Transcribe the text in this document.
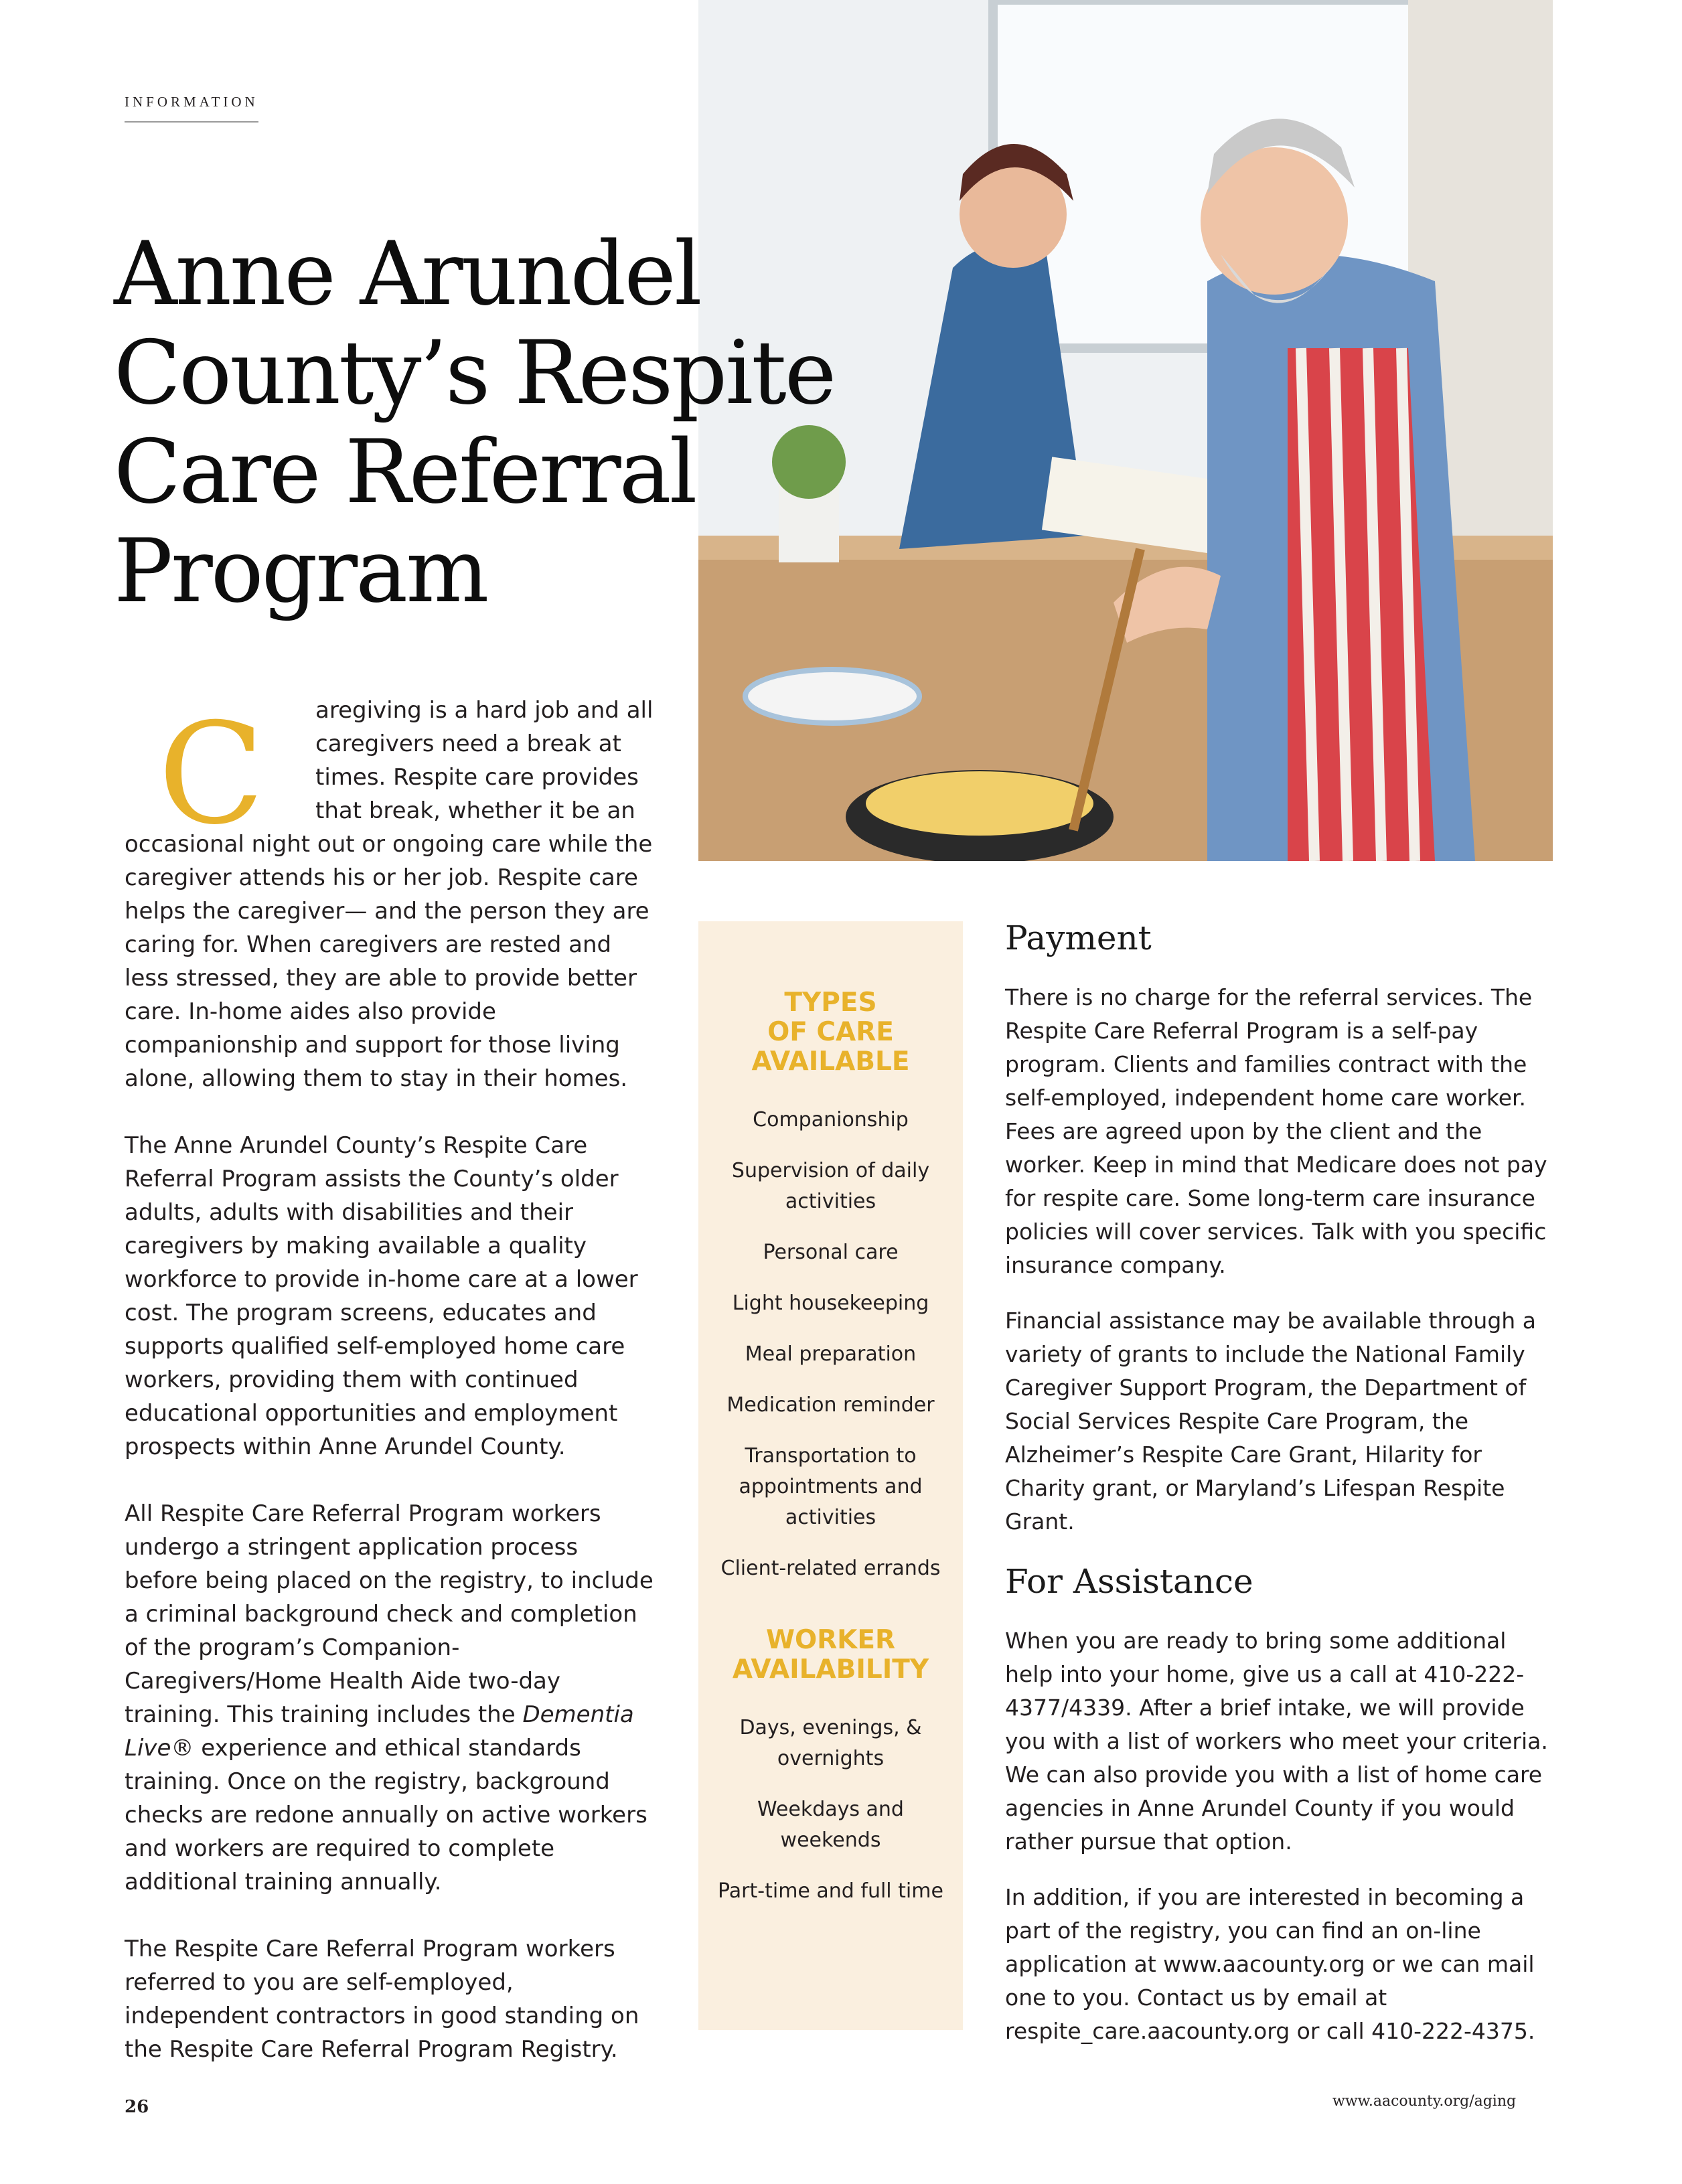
INFORMATION
Anne Arundel County’s Respite Care Referral Program
C	aregiving is a hard job and all caregivers need a break at times. Respite care provides that break, whether it be an occasional night out or ongoing care while the caregiver attends his or her job. Respite care helps the caregiver— and the person they are caring for. When caregivers are rested and less stressed, they are able to provide better care. In-home aides also provide companionship and support for those living alone, allowing them to stay in their homes.

The Anne Arundel County’s Respite Care Referral Program assists the County’s older adults, adults with disabilities and their caregivers by making available a quality workforce to provide in-home care at a lower cost. The program screens, educates and supports qualified self-employed home care workers, providing them with continued educational opportunities and employment prospects within Anne Arundel County.

All Respite Care Referral Program workers undergo a stringent application process before being placed on the registry, to include a criminal background check and completion of the program’s Companion-Caregivers/Home Health Aide two-day training. This training includes the Dementia Live® experience and ethical standards training. Once on the registry, background checks are redone annually on active workers and workers are required to complete additional training annually.

The Respite Care Referral Program workers referred to you are self-employed, independent contractors in good standing on the Respite Care Referral Program Registry.

TYPES
OF CARE
AVAILABLE
Companionship
Supervision of daily activities
Personal care
Light housekeeping
Meal preparation
Medication reminder
Transportation to appointments and activities
Client-related errands
WORKER
AVAILABILITY
Days, evenings, & overnights
Weekdays and weekends
Part-time and full time
Payment

There is no charge for the referral services. The Respite Care Referral Program is a self-pay program. Clients and families contract with the self-employed, independent home care worker. Fees are agreed upon by the client and the worker. Keep in mind that Medicare does not pay for respite care. Some long-term care insurance policies will cover services. Talk with you specific insurance company.

Financial assistance may be available through a variety of grants to include the National Family Caregiver Support Program, the Department of Social Services Respite Care Program, the Alzheimer’s Respite Care Grant, Hilarity for Charity grant, or Maryland’s Lifespan Respite Grant.

For Assistance

When you are ready to bring some additional help into your home, give us a call at 410-222-4377/4339. After a brief intake, we will provide you with a list of workers who meet your criteria. We can also provide you with a list of home care agencies in Anne Arundel County if you would rather pursue that option.

In addition, if you are interested in becoming a part of the registry, you can find an on-line application at www.aacounty.org or we can mail one to you. Contact us by email at respite_care.aacounty.org or call 410-222-4375.

26	www.aacounty.org/aging
